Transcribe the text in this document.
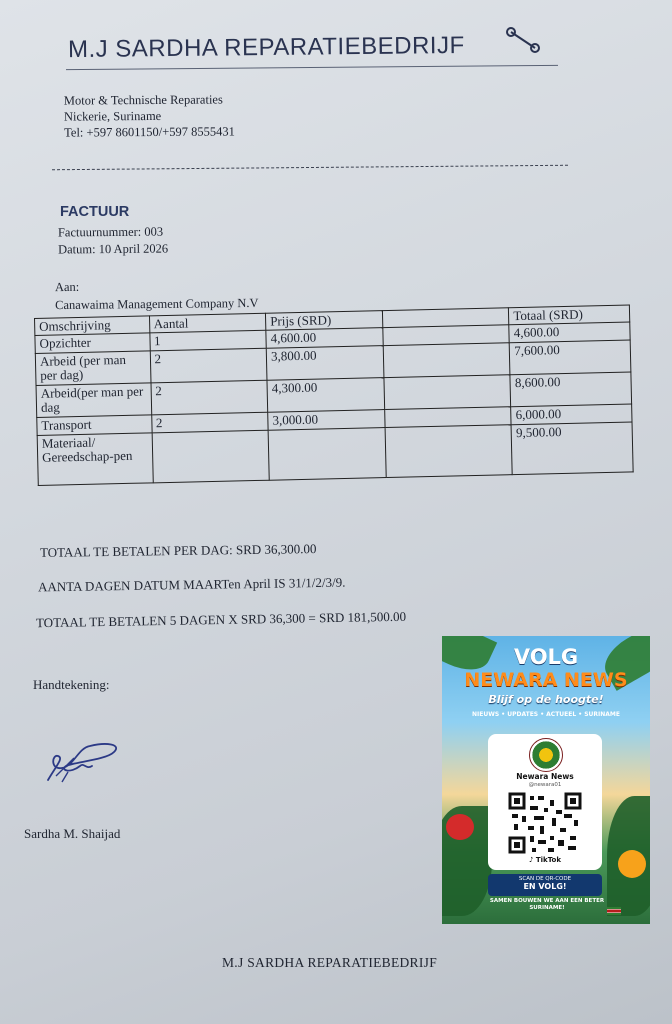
M.J SARDHA REPARATIEBEDRIJF
Motor & Technische Reparaties
Nickerie, Suriname
Tel: +597 8601150/+597 8555431
FACTUUR
Factuurnummer: 003
Datum: 10 April 2026
Aan:
Canawaima Management Company N.V
Omschrijving	Aantal	Prijs (SRD)		Totaal (SRD)
Opzichter	1	4,600.00		4,600.00
Arbeid (per man per dag)	2	3,800.00		7,600.00
Arbeid(per man per dag	2	4,300.00		8,600.00
Transport	2	3,000.00		6,000.00
Materiaal/ Gereedschap-pen				9,500.00
TOTAAL TE BETALEN PER DAG: SRD 36,300.00
AANTA DAGEN DATUM MAARTen April IS 31/1/2/3/9.
TOTAAL TE BETALEN 5 DAGEN X SRD 36,300 = SRD 181,500.00
Handtekening:
Sardha M. Shaijad
VOLG
NEWARA NEWS
Blijf op de hoogte!
NIEUWS • UPDATES • ACTUEEL • SURINAME
Newara News
@newara01
♪ TikTok
SCAN DE QR-CODE
EN VOLG!
SAMEN BOUWEN WE AAN EEN BETER SURINAME!
M.J SARDHA REPARATIEBEDRIJF
